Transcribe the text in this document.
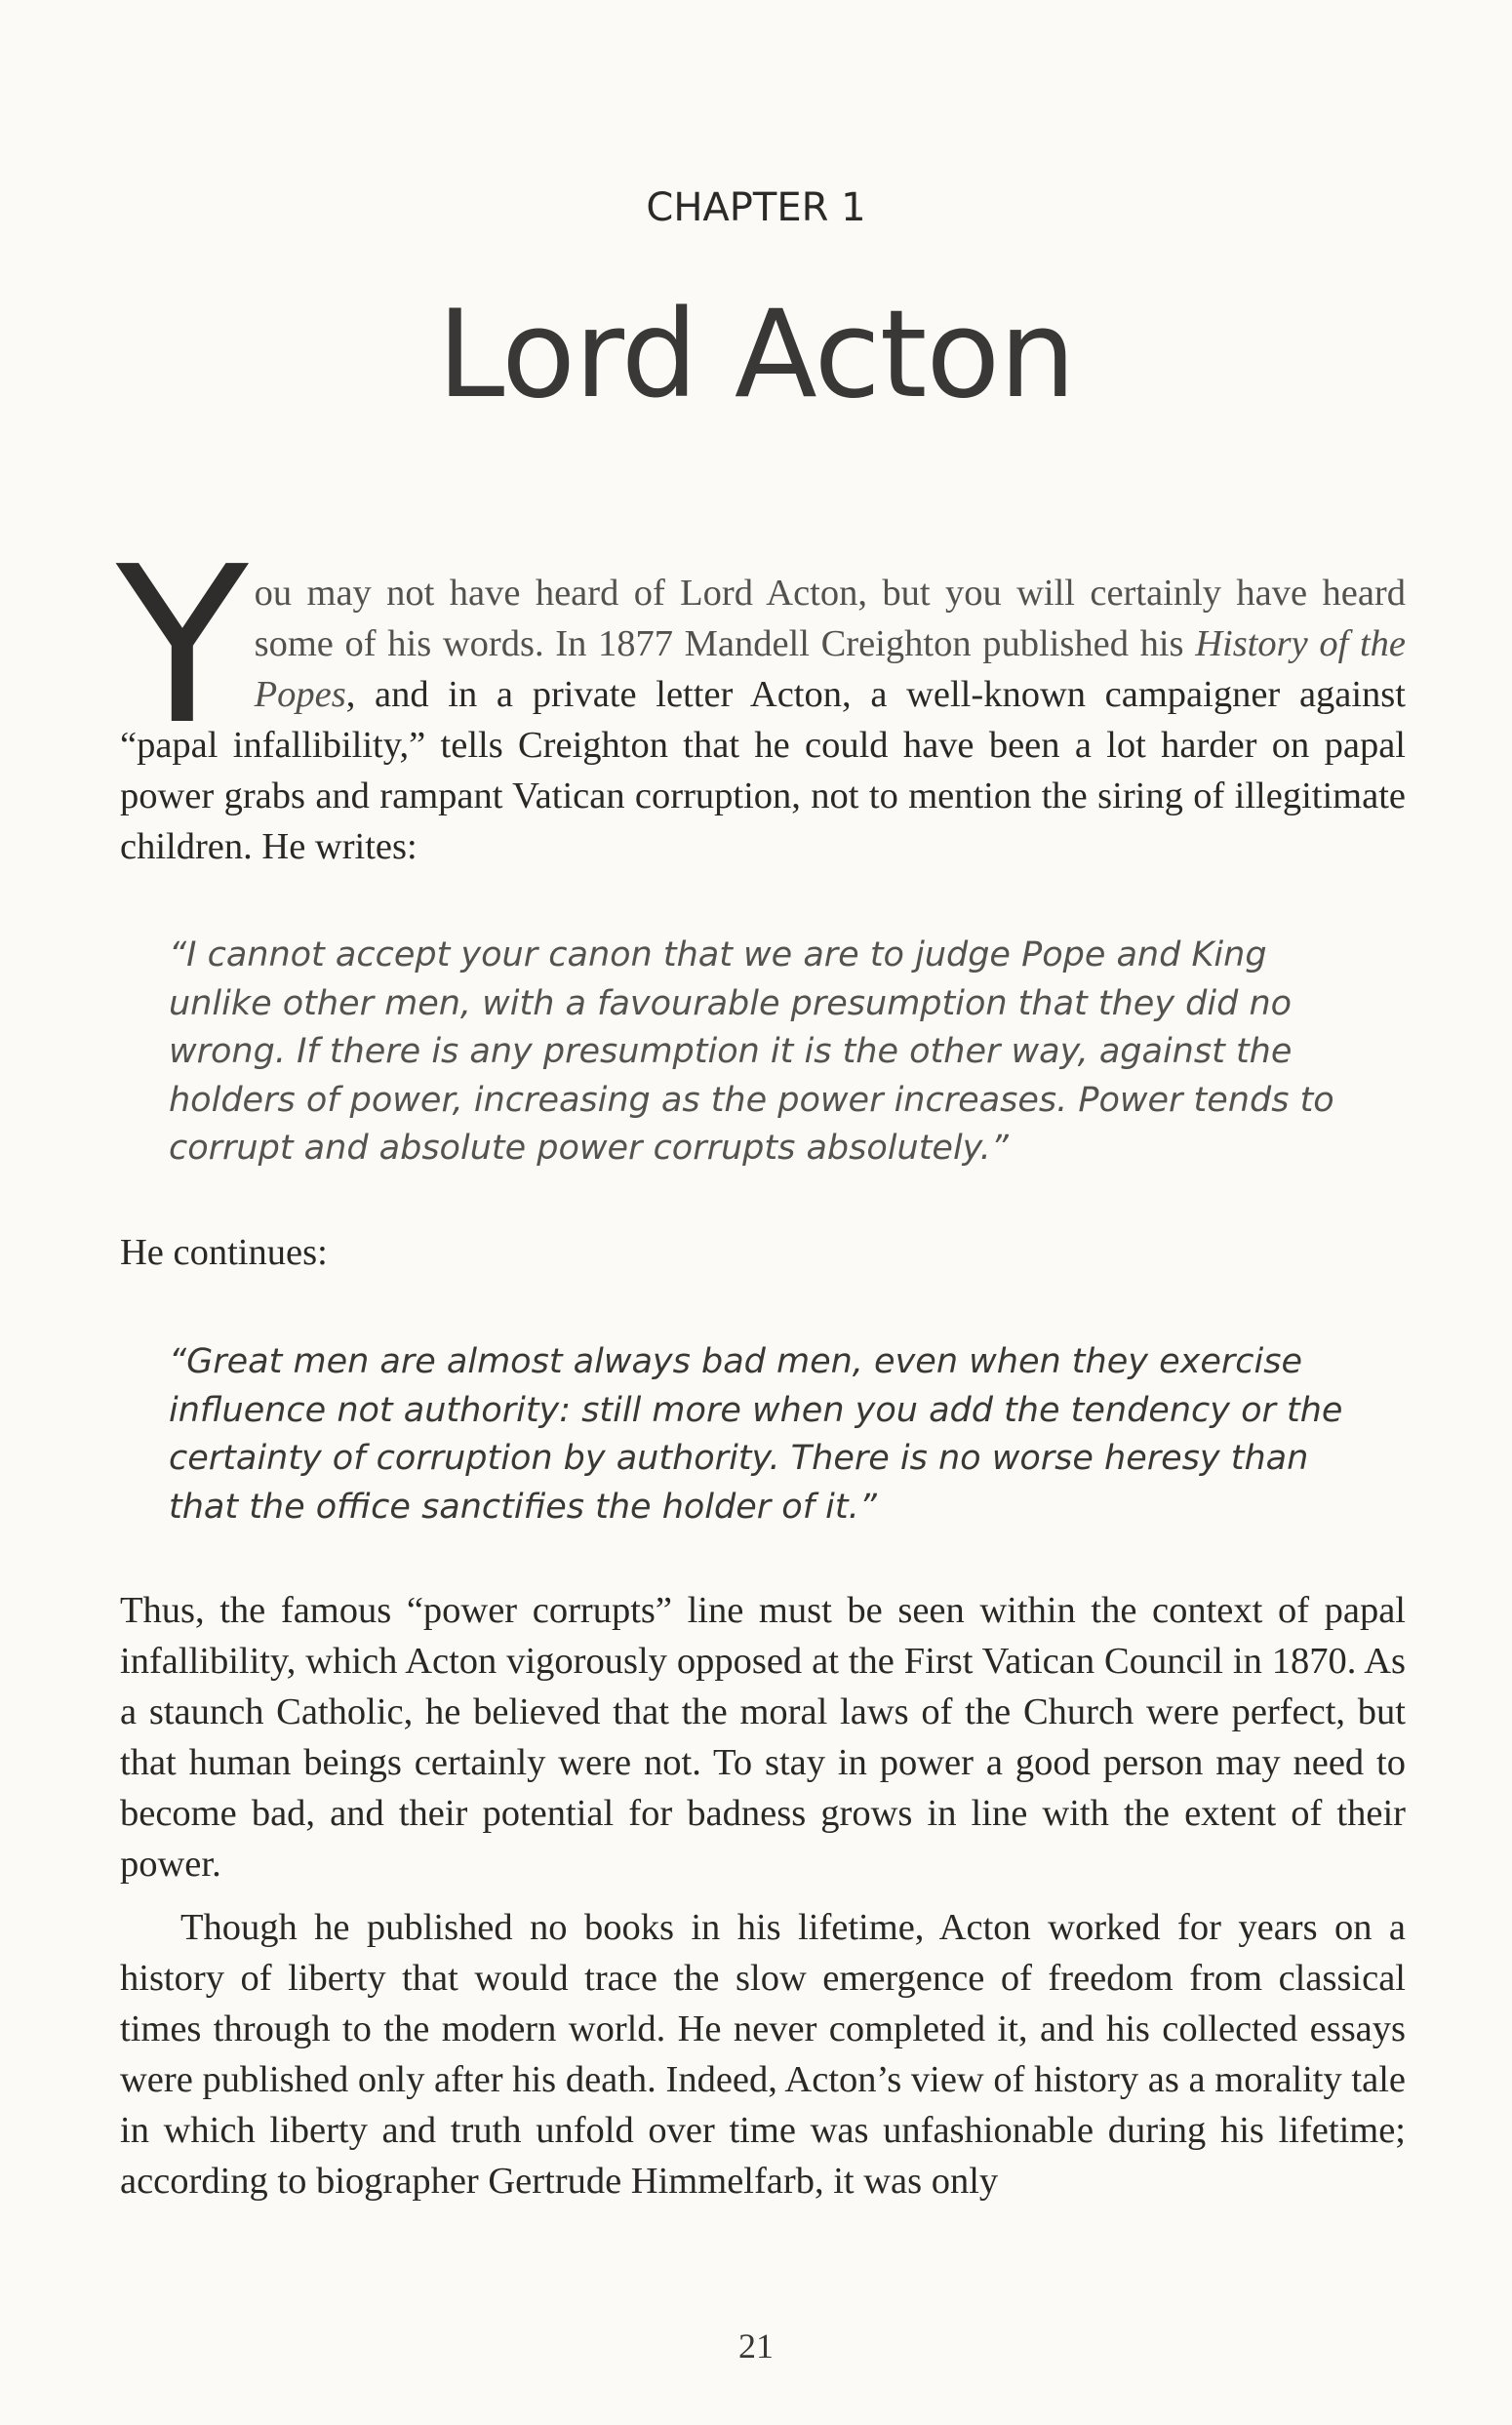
CHAPTER 1
Lord Acton

You may not have heard of Lord Acton, but you will certainly have heard some of his words. In 1877 Mandell Creighton published his History of the Popes, and in a private letter Acton, a well-known campaigner against “papal infallibility,” tells Creighton that he could have been a lot harder on papal power grabs and rampant Vatican corruption, not to mention the siring of illegitimate children. He writes:

“I cannot accept your canon that we are to judge Pope and King unlike other men, with a favourable presumption that they did no wrong. If there is any presumption it is the other way, against the holders of power, increasing as the power increases. Power tends to corrupt and absolute power corrupts absolutely.”

He continues:

“Great men are almost always bad men, even when they exercise influence not authority: still more when you add the tendency or the certainty of corruption by authority. There is no worse heresy than that the office sanctifies the holder of it.”

Thus, the famous “power corrupts” line must be seen within the context of papal infallibility, which Acton vigorously opposed at the First Vatican Council in 1870. As a staunch Catholic, he believed that the moral laws of the Church were perfect, but that human beings certainly were not. To stay in power a good person may need to become bad, and their potential for badness grows in line with the extent of their power.

Though he published no books in his lifetime, Acton worked for years on a history of liberty that would trace the slow emergence of freedom from classical times through to the modern world. He never completed it, and his collected essays were published only after his death. Indeed, Acton’s view of history as a morality tale in which liberty and truth unfold over time was unfashionable during his lifetime; according to biographer Gertrude Himmelfarb, it was only

21
